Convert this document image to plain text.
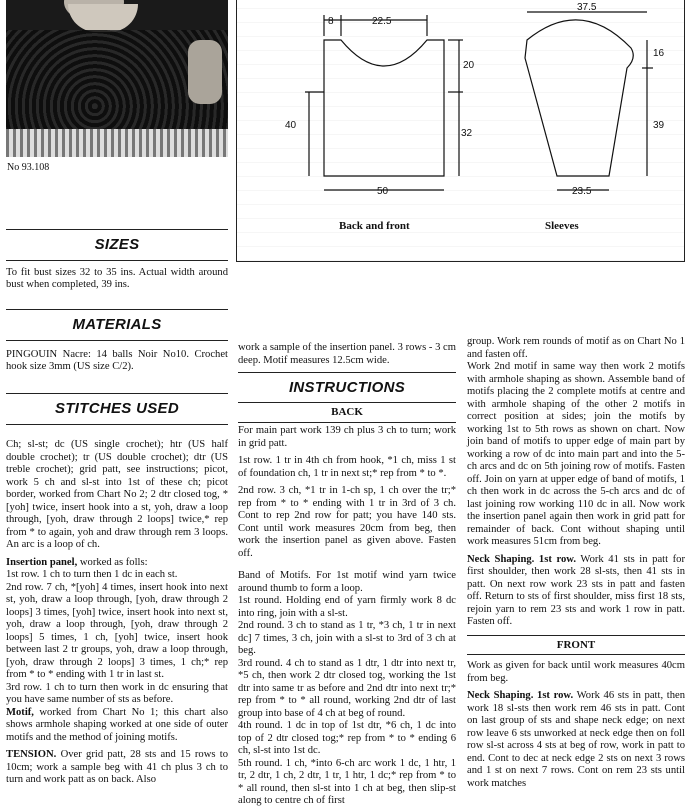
No 93.108
8	22.5
20
40
32
50
37.5
16
39
23.5
Back and front	Sleeves
SIZES

To fit bust sizes 32 to 35 ins. Actual width around bust when completed, 39 ins.

MATERIALS

PINGOUIN Nacre: 14 balls Noir No10. Crochet hook size 3mm (US size C/2).

STITCHES USED

Ch; sl-st; dc (US single crochet); htr (US half double crochet); tr (US double crochet); dtr (US treble crochet); grid patt, see instructions; picot, work 5 ch and sl-st into 1st of these ch; picot border, worked from Chart No 2; 2 dtr closed tog, *[yoh] twice, insert hook into a st, yoh, draw a loop through, [yoh, draw through 2 loops] twice,* rep from * to again, yoh and draw through rem 3 loops. An arc is a loop of ch.

Insertion panel, worked as folls:

1st row. 1 ch to turn then 1 dc in each st.

2nd row. 7 ch, *[yoh] 4 times, insert hook into next st, yoh, draw a loop through, [yoh, draw through 2 loops] 3 times, [yoh] twice, insert hook into next st, yoh, draw a loop through, [yoh, draw through 2 loops] 5 times, 1 ch, [yoh] twice, insert hook between last 2 tr groups, yoh, draw a loop through, [yoh, draw through 2 loops] 3 times, 1 ch;* rep from * to * ending with 1 tr in last st.

3rd row. 1 ch to turn then work in dc ensuring that you have same number of sts as before.

Motif, worked from Chart No 1; this chart also shows armhole shaping worked at one side of outer motifs and the method of joining motifs.

TENSION. Over grid patt, 28 sts and 15 rows to 10cm; work a sample beg with 41 ch plus 3 ch to turn and work patt as on back. Also

work a sample of the insertion panel. 3 rows - 3 cm deep. Motif measures 12.5cm wide.
INSTRUCTIONS
BACK

For main part work 139 ch plus 3 ch to turn; work in grid patt.

1st row. 1 tr in 4th ch from hook, *1 ch, miss 1 st of foundation ch, 1 tr in next st;* rep from * to *.

2nd row. 3 ch, *1 tr in 1-ch sp, 1 ch over the tr;* rep from * to * ending with 1 tr in 3rd of 3 ch. Cont to rep 2nd row for patt; you have 140 sts. Cont until work measures 20cm from beg, then work the insertion panel as given above. Fasten off.

Band of Motifs. For 1st motif wind yarn twice around thumb to form a loop.

1st round. Holding end of yarn firmly work 8 dc into ring, join with a sl-st.

2nd round. 3 ch to stand as 1 tr, *3 ch, 1 tr in next dc] 7 times, 3 ch, join with a sl-st to 3rd of 3 ch at beg.

3rd round. 4 ch to stand as 1 dtr, 1 dtr into next tr, *5 ch, then work 2 dtr closed tog, working the 1st dtr into same tr as before and 2nd dtr into next tr;* rep from * to * all round, working 2nd dtr of last group into base of 4 ch at beg of round.

4th round. 1 dc in top of 1st dtr, *6 ch, 1 dc into top of 2 dtr closed tog;* rep from * to * ending 6 ch, sl-st into 1st dc.

5th round. 1 ch, *into 6-ch arc work 1 dc, 1 htr, 1 tr, 2 dtr, 1 ch, 2 dtr, 1 tr, 1 htr, 1 dc;* rep from * to * all round, then sl-st into 1 ch at beg, then slip-st along to centre ch of first

group. Work rem rounds of motif as on Chart No 1 and fasten off.

Work 2nd motif in same way then work 2 motifs with armhole shaping as shown. Assemble band of motifs placing the 2 complete motifs at centre and with armhole shaping of the other 2 motifs in correct position at sides; join the motifs by working 1st to 5th rows as shown on chart. Now join band of motifs to upper edge of main part by working a row of dc into main part and into the 5-ch arcs and dc on 5th joining row of motifs. Fasten off. Join on yarn at upper edge of band of motifs, 1 ch then work in dc across the 5-ch arcs and dc of last joining row working 110 dc in all. Now work the insertion panel again then work in grid patt for remainder of back. Cont without shaping until work measures 51cm from beg.

Neck Shaping. 1st row. Work 41 sts in patt for first shoulder, then work 28 sl-sts, then 41 sts in patt. On next row work 23 sts in patt and fasten off. Return to sts of first shoulder, miss first 18 sts, rejoin yarn to rem 23 sts and work 1 row in patt. Fasten off.

FRONT

Work as given for back until work measures 40cm from beg.

Neck Shaping. 1st row. Work 46 sts in patt, then work 18 sl-sts then work rem 46 sts in patt. Cont on last group of sts and shape neck edge; on next row leave 6 sts unworked at neck edge then on foll row sl-st across 4 sts at beg of row, work in patt to end. Cont to dec at neck edge 2 sts on next 3 rows and 1 st on next 7 rows. Cont on rem 23 sts until work matches
